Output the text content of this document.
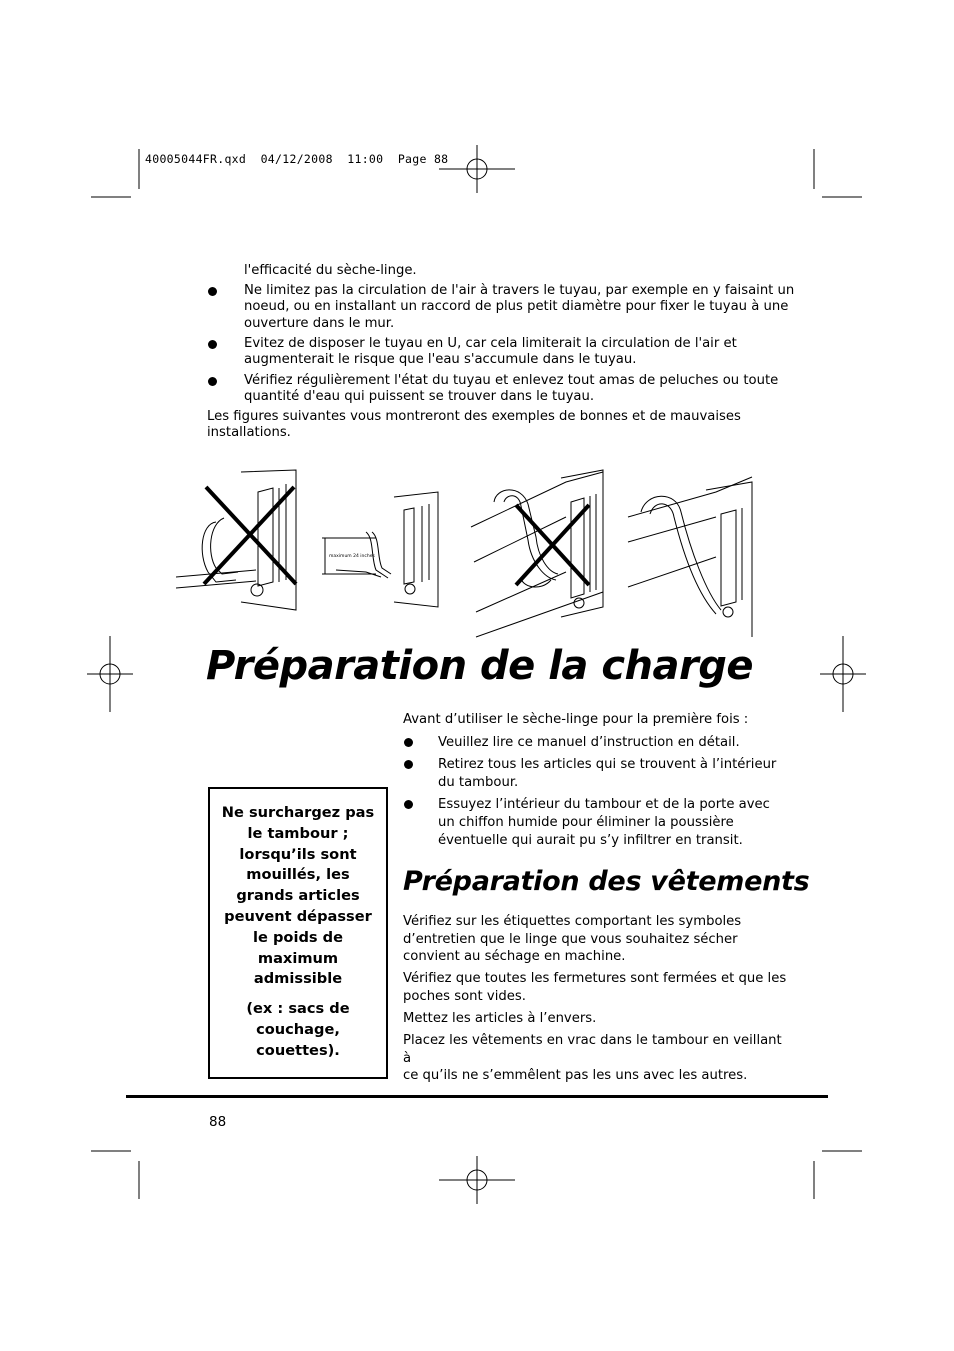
40005044FR.qxd  04/12/2008  11:00  Page 88
l'efficacité du sèche-linge.
Ne limitez pas la circulation de l'air à travers le tuyau, par exemple en y faisaint un
noeud, ou en installant un raccord de plus petit diamètre pour fixer le tuyau à une
ouverture dans le mur.
Evitez de disposer le tuyau en U, car cela limiterait la circulation de l'air et
augmenterait le risque que l'eau s'accumule dans le tuyau.
Vérifiez régulièrement l'état du tuyau et enlevez tout amas de peluches ou toute
quantité d'eau qui puissent se trouver dans le tuyau.
Les figures suivantes vous montreront des exemples de bonnes et de mauvaises
installations.
maximum 24 inches
Préparation de la charge
Avant d’utiliser le sèche-linge pour la première fois :
Veuillez lire ce manuel d’instruction en détail.
Retirez tous les articles qui se trouvent à l’intérieur
du tambour.
Essuyez l’intérieur du tambour et de la porte avec
un chiffon humide pour éliminer la poussière
éventuelle qui aurait pu s’y infiltrer en transit.
Ne surchargez pas
le tambour ;
lorsqu’ils sont
mouillés, les
grands articles
peuvent dépasser
le poids de
maximum
admissible
(ex : sacs de
couchage,
couettes).
Préparation des vêtements
Vérifiez sur les étiquettes comportant les symboles
d’entretien que le linge que vous souhaitez sécher
convient au séchage en machine.
Vérifiez que toutes les fermetures sont fermées et que les
poches sont vides.
Mettez les articles à l’envers.
Placez les vêtements en vrac dans le tambour en veillant à
ce qu’ils ne s’emmêlent pas les uns avec les autres.
88
